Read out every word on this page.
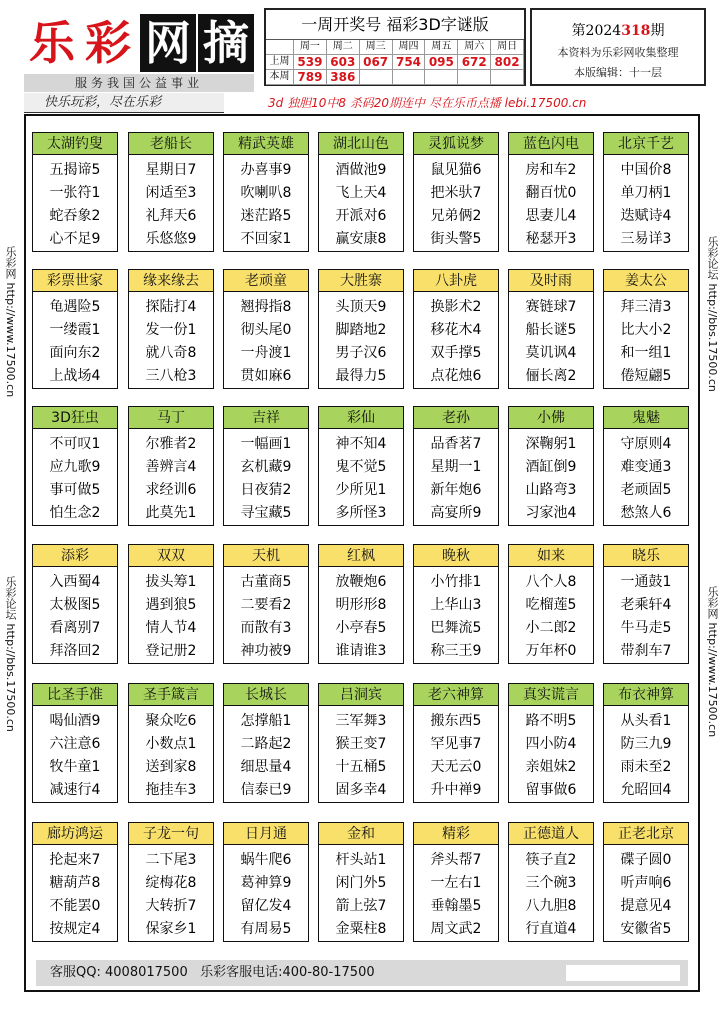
乐 彩 网 摘
服务我国公益事业
一周开奖号 福彩3D字谜版
周一	周二	周三	周四	周五	周六	周日
上周 539 603 067 754 095 672 802
本周 789 386
第2024318期
本资料为乐彩网收集整理
本版编辑：十一层
快乐玩彩，尽在乐彩	3d 独胆10中8 杀码20期连中 尽在乐币点播 lebi.17500.cn
乐彩网 http://www.17500.cn
乐彩论坛 http://bbs.17500.cn
乐彩论坛 http://bbs.17500.cn
乐彩网 http://www.17500.cn
太湖钓叟
五揭谛5
一张符1
蛇吞象2
心不足9
老船长
星期日7
闲适至3
礼拜天6
乐悠悠9
精武英雄
办喜事9
吹喇叭8
迷茫路5
不回家1
湖北山色
酒做池9
飞上天4
开派对6
赢安康8
灵狐说梦
鼠见猫6
把米驮7
兄弟俩2
街头警5
蓝色闪电
房和车2
翻百忧0
思妻儿4
秘瑟开3
北京千艺
中国价8
单刀柄1
迭赋诗4
三易详3
彩票世家
龟遇险5
一缕霞1
面向东2
上战场4
缘来缘去
探陆打4
发一份1
就八奇8
三八枪3
老顽童
翘拇指8
彻头尾0
一舟渡1
贯如麻6
大胜寨
头顶天9
脚踏地2
男子汉6
最得力5
八卦虎
换影术2
移花木4
双手撑5
点花烛6
及时雨
赛链球7
船长谜5
莫讥讽4
俪长离2
姜太公
拜三清3
比大小2
和一组1
倦短翩5
3D狂虫
不可叹1
应九歌9
事可做5
怕生念2
马丁
尔雅者2
善辨言4
求经训6
此莫先1
吉祥
一幅画1
玄机藏9
日夜猜2
寻宝藏5
彩仙
神不知4
鬼不觉5
少所见1
多所怪3
老孙
品香茗7
星期一1
新年炮6
高宴所9
小佛
深鞠躬1
酒缸倒9
山路弯3
习家池4
鬼魅
守原则4
难变通3
老顽固5
愁煞人6
添彩
入西蜀4
太极图5
看离别7
拜洛回2
双双
拔头筹1
遇到狼5
情人节4
登记册2
天机
古董商5
二要看2
而散有3
神功被9
红枫
放鞭炮6
明形形8
小亭春5
谁请谁3
晚秋
小竹排1
上华山3
巴舞流5
称三王9
如来
八个人8
吃榴莲5
小二郎2
万年杯0
晓乐
一通鼓1
老乘轩4
牛马走5
带刹车7
比圣手准
喝仙酒9
六注意6
牧牛童1
减速行4
圣手箴言
聚众吃6
小数点1
送到家8
拖挂车3
长城长
怎撑船1
二路起2
细思量4
信泰已9
吕洞宾
三军舞3
猴王变7
十五桶5
固多幸4
老六神算
搬东西5
罕见事7
天无云0
升中禅9
真实谎言
路不明5
四小防4
亲姐妹2
留事做6
布衣神算
从头看1
防三九9
雨未至2
允昭回4
廊坊鸿运
抡起来7
糖葫芦8
不能罢0
按规定4
子龙一句
二下尾3
绽梅花8
大转折7
保家乡1
日月通
蜗牛爬6
葛神算9
留亿发4
有周易5
金和
杆头站1
闲门外5
箭上弦7
金粟柱8
精彩
斧头帮7
一左右1
垂翰墨5
周文武2
正德道人
筷子直2
三个碗3
八九胆8
行直道4
正老北京
碟子圆0
听声响6
提意见4
安徽省5
客服QQ: 4008017500 乐彩客服电话:400-80-17500
